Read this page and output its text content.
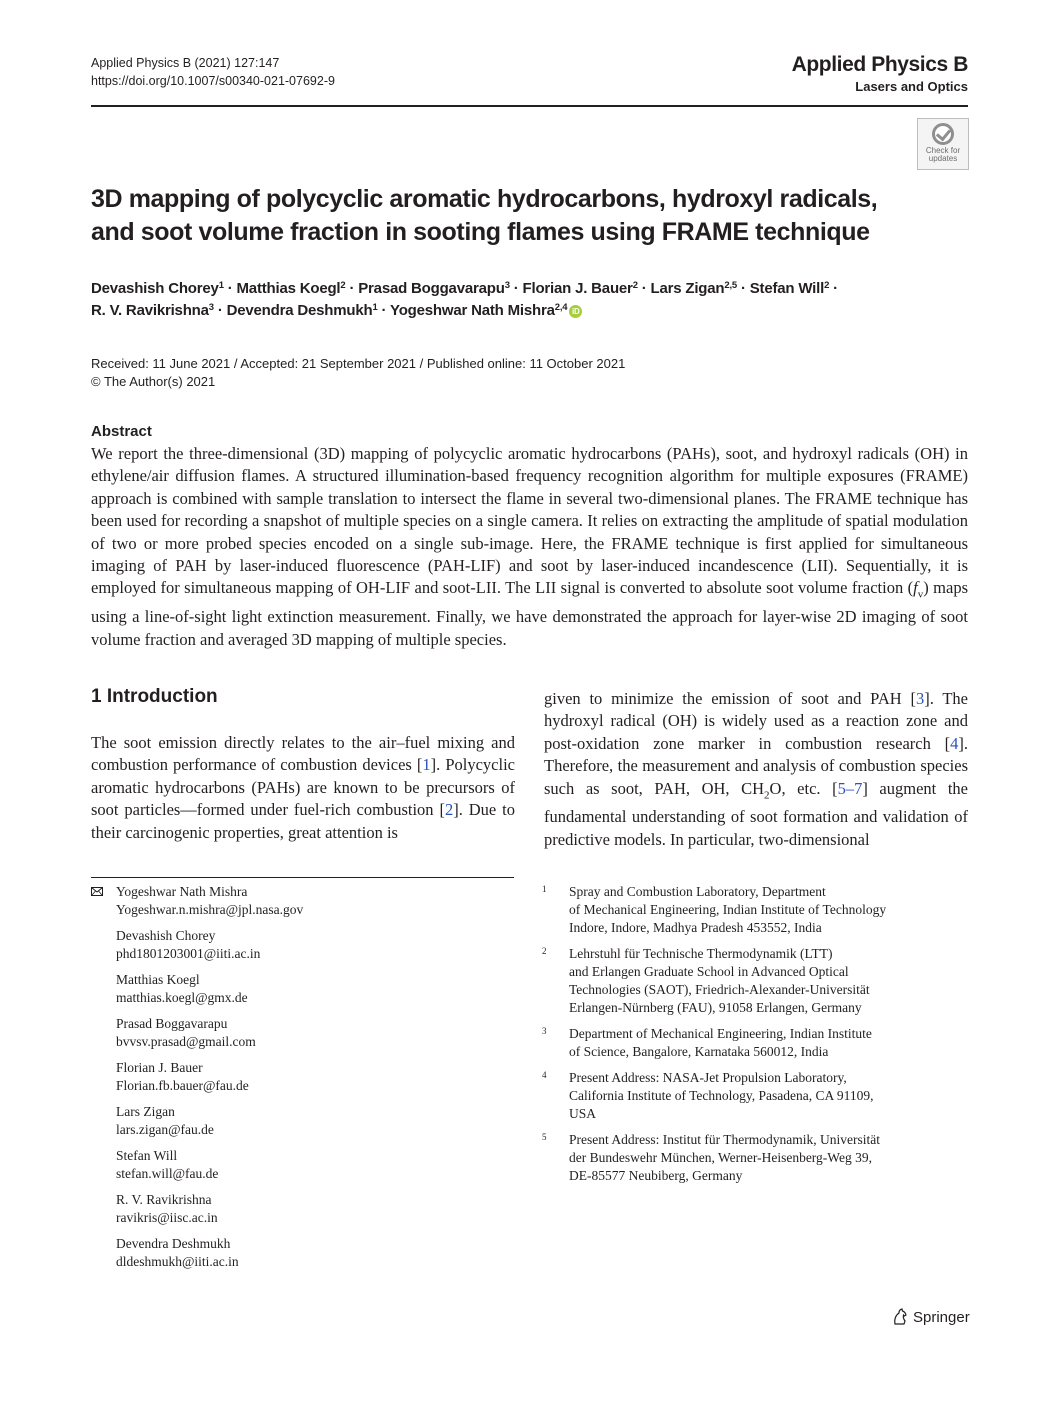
Applied Physics B (2021) 127:147
https://doi.org/10.1007/s00340-021-07692-9
Applied Physics B
Lasers and Optics
Check for
updates
3D mapping of polycyclic aromatic hydrocarbons, hydroxyl radicals,
and soot volume fraction in sooting flames using FRAME technique
Devashish Chorey$^1$ · Matthias Koegl$^2$ · Prasad Boggavarapu$^3$ · Florian J. Bauer$^2$ · Lars Zigan$^{2,5}$ · Stefan Will$^2$ ·
R. V. Ravikrishna$^3$ · Devendra Deshmukh$^1$ · Yogeshwar Nath Mishra$^{2,4}$ iD
Received: 11 June 2021 / Accepted: 21 September 2021 / Published online: 11 October 2021
© The Author(s) 2021
Abstract
We report the three-dimensional (3D) mapping of polycyclic aromatic hydrocarbons (PAHs), soot, and hydroxyl radicals (OH) in ethylene/air diffusion flames. A structured illumination-based frequency recognition algorithm for multiple exposures (FRAME) approach is combined with sample translation to intersect the flame in several two-dimensional planes. The FRAME technique has been used for recording a snapshot of multiple species on a single camera. It relies on extracting the amplitude of spatial modulation of two or more probed species encoded on a single sub-image. Here, the FRAME technique is first applied for simultaneous imaging of PAH by laser-induced fluorescence (PAH-LIF) and soot by laser-induced incandescence (LII). Sequentially, it is employed for simultaneous mapping of OH-LIF and soot-LII. The LII signal is converted to absolute soot volume fraction $(f_v)$ maps using a line-of-sight light extinction measurement. Finally, we have demonstrated the approach for layer-wise 2D imaging of soot volume fraction and averaged 3D mapping of multiple species.
1 Introduction
The soot emission directly relates to the air–fuel mixing and combustion performance of combustion devices [1]. Polycyclic aromatic hydrocarbons (PAHs) are known to be precursors of soot particles—formed under fuel-rich combustion [2]. Due to their carcinogenic properties, great attention is
given to minimize the emission of soot and PAH [3]. The hydroxyl radical (OH) is widely used as a reaction zone and post-oxidation zone marker in combustion research [4]. Therefore, the measurement and analysis of combustion species such as soot, PAH, OH, $CH_2O$, etc. [5–7] augment the fundamental understanding of soot formation and validation of predictive models. In particular, two-dimensional
Yogeshwar Nath Mishra
Yogeshwar.n.mishra@jpl.nasa.gov
Devashish Chorey
phd1801203001@iiti.ac.in
Matthias Koegl
matthias.koegl@gmx.de
Prasad Boggavarapu
bvvsv.prasad@gmail.com
Florian J. Bauer
Florian.fb.bauer@fau.de
Lars Zigan
lars.zigan@fau.de
Stefan Will
stefan.will@fau.de
R. V. Ravikrishna
ravikris@iisc.ac.in
Devendra Deshmukh
dldeshmukh@iiti.ac.in
1 Spray and Combustion Laboratory, Department
of Mechanical Engineering, Indian Institute of Technology
Indore, Indore, Madhya Pradesh 453552, India
2 Lehrstuhl für Technische Thermodynamik (LTT)
and Erlangen Graduate School in Advanced Optical
Technologies (SAOT), Friedrich-Alexander-Universität
Erlangen-Nürnberg (FAU), 91058 Erlangen, Germany
3 Department of Mechanical Engineering, Indian Institute
of Science, Bangalore, Karnataka 560012, India
4 Present Address: NASA-Jet Propulsion Laboratory,
California Institute of Technology, Pasadena, CA 91109,
USA
5 Present Address: Institut für Thermodynamik, Universität
der Bundeswehr München, Werner-Heisenberg-Weg 39,
DE-85577 Neubiberg, Germany
Springer
